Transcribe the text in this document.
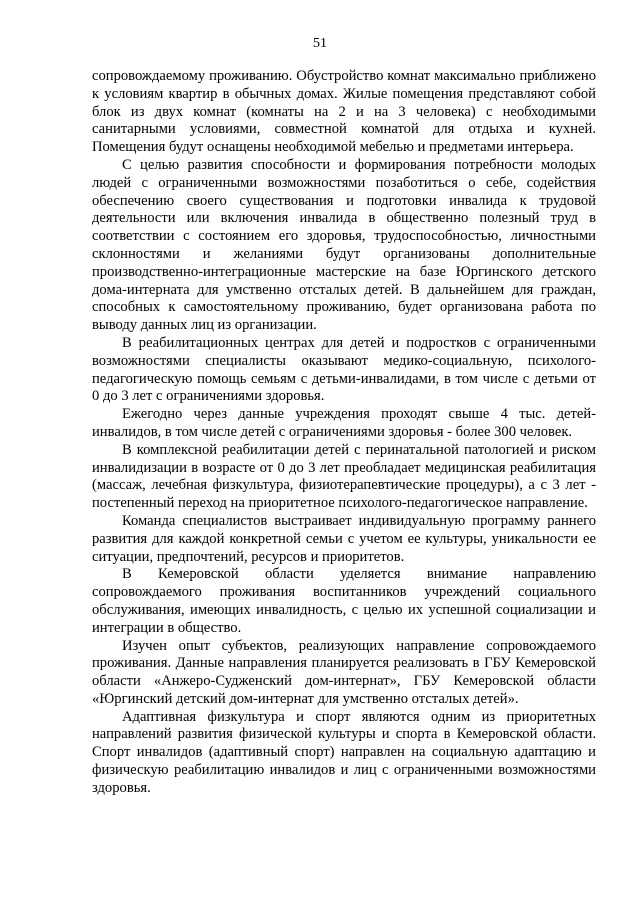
51

сопровождаемому проживанию. Обустройство комнат максимально приближено к условиям квартир в обычных домах. Жилые помещения представляют собой блок из двух комнат (комнаты на 2 и на 3 человека) с необходимыми санитарными условиями, совместной комнатой для отдыха и кухней. Помещения будут оснащены необходимой мебелью и предметами интерьера.

С целью развития способности и формирования потребности молодых людей с ограниченными возможностями позаботиться о себе, содействия обеспечению своего существования и подготовки инвалида к трудовой деятельности или включения инвалида в общественно полезный труд в соответствии с состоянием его здоровья, трудоспособностью, личностными склонностями и желаниями будут организованы дополнительные производственно-интеграционные мастерские на базе Юргинского детского дома-интерната для умственно отсталых детей. В дальнейшем для граждан, способных к самостоятельному проживанию, будет организована работа по выводу данных лиц из организации.

В реабилитационных центрах для детей и подростков с ограниченными возможностями специалисты оказывают медико-социальную, психолого-педагогическую помощь семьям с детьми-инвалидами, в том числе с детьми от 0 до 3 лет с ограничениями здоровья.

Ежегодно через данные учреждения проходят свыше 4 тыс. детей-инвалидов, в том числе детей с ограничениями здоровья - более 300 человек.

В комплексной реабилитации детей с перинатальной патологией и риском инвалидизации в возрасте от 0 до 3 лет преобладает медицинская реабилитация (массаж, лечебная физкультура, физиотерапевтические процедуры), а с 3 лет - постепенный переход на приоритетное психолого-педагогическое направление.

Команда специалистов выстраивает индивидуальную программу раннего развития для каждой конкретной семьи с учетом ее культуры, уникальности ее ситуации, предпочтений, ресурсов и приоритетов.

В Кемеровской области уделяется внимание направлению сопровождаемого проживания воспитанников учреждений социального обслуживания, имеющих инвалидность, с целью их успешной социализации и интеграции в общество.

Изучен опыт субъектов, реализующих направление сопровождаемого проживания. Данные направления планируется реализовать в ГБУ Кемеровской области «Анжеро-Судженский дом-интернат», ГБУ Кемеровской области «Юргинский детский дом-интернат для умственно отсталых детей».

Адаптивная физкультура и спорт являются одним из приоритетных направлений развития физической культуры и спорта в Кемеровской области. Спорт инвалидов (адаптивный спорт) направлен на социальную адаптацию и физическую реабилитацию инвалидов и лиц с ограниченными возможностями здоровья.
